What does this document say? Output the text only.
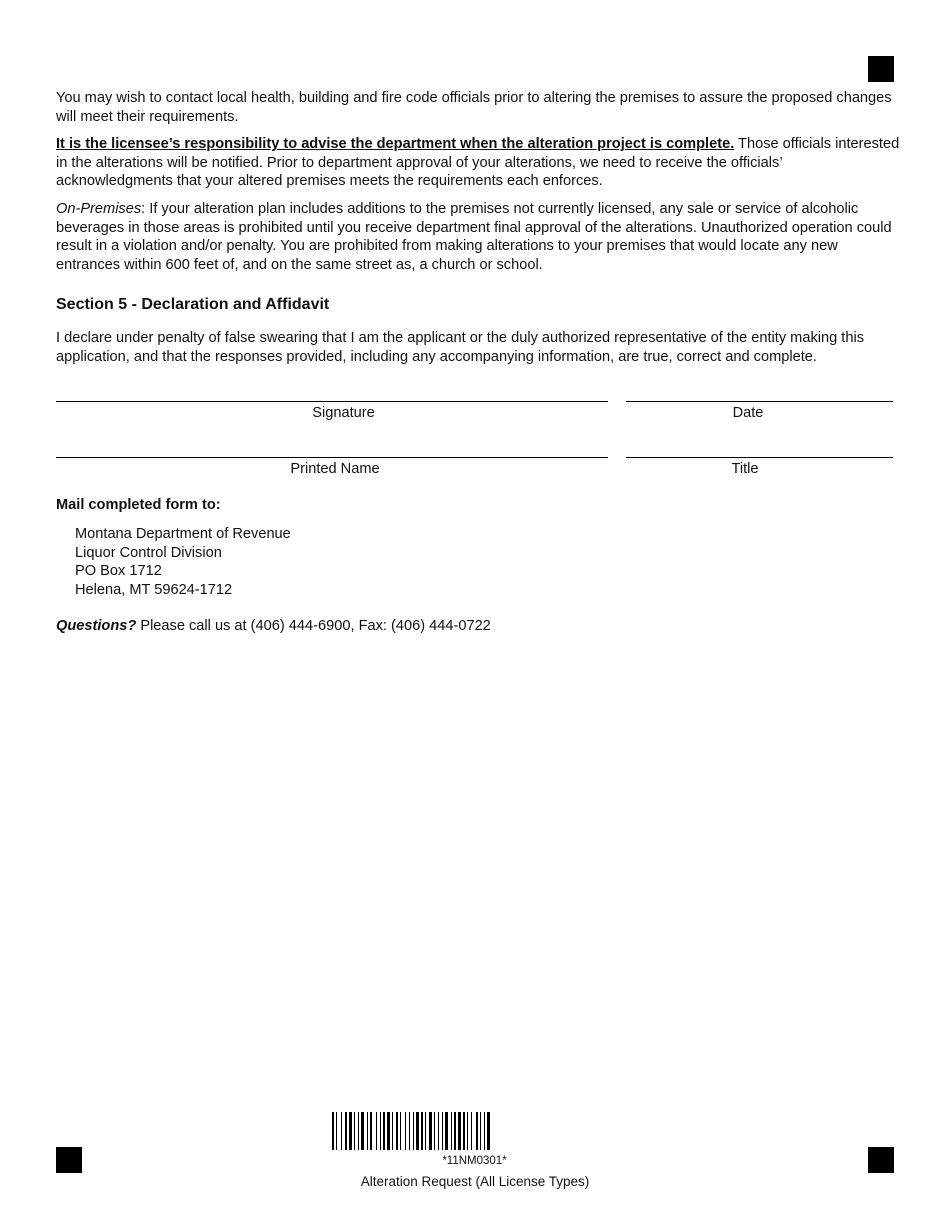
You may wish to contact local health, building and fire code officials prior to altering the premises to assure the proposed changes will meet their requirements.

It is the licensee’s responsibility to advise the department when the alteration project is complete. Those officials interested in the alterations will be notified. Prior to department approval of your alterations, we need to receive the officials’ acknowledgments that your altered premises meets the requirements each enforces.

On-Premises: If your alteration plan includes additions to the premises not currently licensed, any sale or service of alcoholic beverages in those areas is prohibited until you receive department final approval of the alterations. Unauthorized operation could result in a violation and/or penalty. You are prohibited from making alterations to your premises that would locate any new entrances within 600 feet of, and on the same street as, a church or school.

Section 5 - Declaration and Affidavit
I declare under penalty of false swearing that I am the applicant or the duly authorized representative of the entity making this application, and that the responses provided, including any accompanying information, are true, correct and complete.
Signature	Date
Printed Name	Title
Mail completed form to:
Montana Department of Revenue
Liquor Control Division
PO Box 1712
Helena, MT 59624-1712
Questions? Please call us at (406) 444-6900, Fax: (406) 444-0722
*11NM0301*
Alteration Request (All License Types)
